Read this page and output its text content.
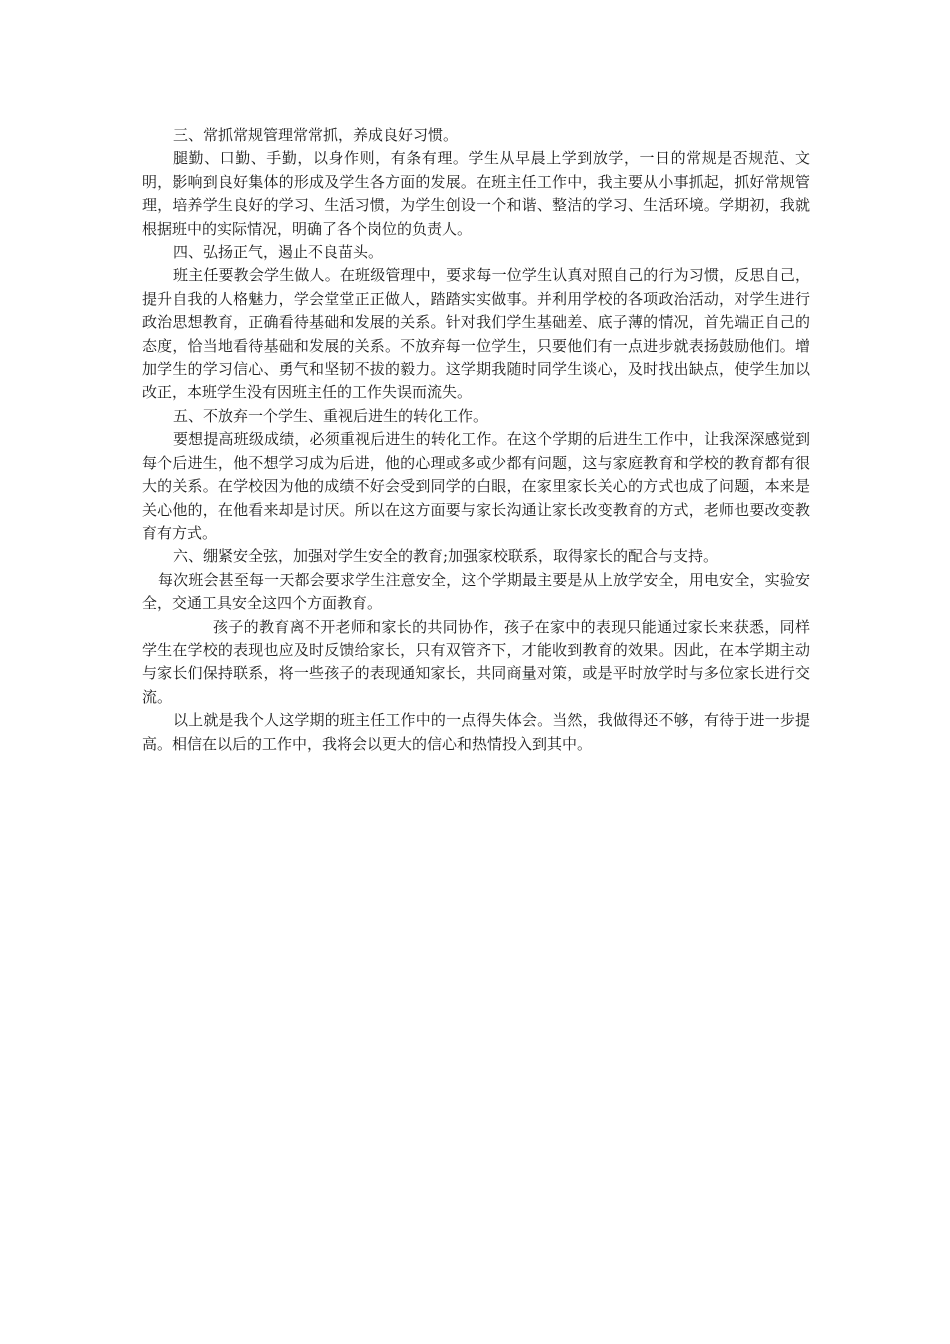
三、常抓常规管理常常抓，养成良好习惯。

腿勤、口勤、手勤，以身作则，有条有理。学生从早晨上学到放学，一日的常规是否规范、文明，影响到良好集体的形成及学生各方面的发展。在班主任工作中，我主要从小事抓起，抓好常规管理，培养学生良好的学习、生活习惯，为学生创设一个和谐、整洁的学习、生活环境。学期初，我就根据班中的实际情况，明确了各个岗位的负责人。

四、弘扬正气，遏止不良苗头。

班主任要教会学生做人。在班级管理中，要求每一位学生认真对照自己的行为习惯，反思自己，提升自我的人格魅力，学会堂堂正正做人，踏踏实实做事。并利用学校的各项政治活动，对学生进行政治思想教育，正确看待基础和发展的关系。针对我们学生基础差、底子薄的情况，首先端正自己的态度，恰当地看待基础和发展的关系。不放弃每一位学生，只要他们有一点进步就表扬鼓励他们。增加学生的学习信心、勇气和坚韧不拔的毅力。这学期我随时同学生谈心，及时找出缺点，使学生加以改正，本班学生没有因班主任的工作失误而流失。

五、不放弃一个学生、重视后进生的转化工作。

要想提高班级成绩，必须重视后进生的转化工作。在这个学期的后进生工作中，让我深深感觉到每个后进生，他不想学习成为后进，他的心理或多或少都有问题，这与家庭教育和学校的教育都有很大的关系。在学校因为他的成绩不好会受到同学的白眼，在家里家长关心的方式也成了问题，本来是关心他的，在他看来却是讨厌。所以在这方面要与家长沟通让家长改变教育的方式，老师也要改变教育有方式。

六、绷紧安全弦，加强对学生安全的教育;加强家校联系，取得家长的配合与支持。

每次班会甚至每一天都会要求学生注意安全，这个学期最主要是从上放学安全，用电安全，实验安全，交通工具安全这四个方面教育。

孩子的教育离不开老师和家长的共同协作，孩子在家中的表现只能通过家长来获悉，同样学生在学校的表现也应及时反馈给家长，只有双管齐下，才能收到教育的效果。因此，在本学期主动与家长们保持联系，将一些孩子的表现通知家长，共同商量对策，或是平时放学时与多位家长进行交流。

以上就是我个人这学期的班主任工作中的一点得失体会。当然，我做得还不够，有待于进一步提高。相信在以后的工作中，我将会以更大的信心和热情投入到其中。
